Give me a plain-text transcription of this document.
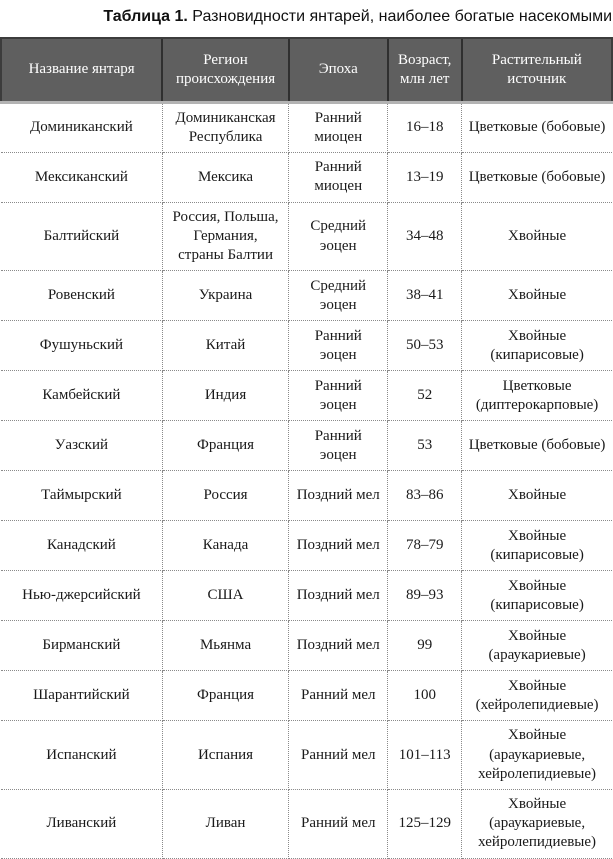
Таблица 1. Разновидности янтарей, наиболее богатые насекомыми
Название янтаря	Регион происхождения	Эпоха	Возраст, млн лет	Растительный источник
Доминиканский	Доминиканская Республика	Ранний миоцен	16–18	Цветковые (бобовые)
Мексиканский	Мексика	Ранний миоцен	13–19	Цветковые (бобовые)
Балтийский	Россия, Польша, Германия, страны Балтии	Средний эоцен	34–48	Хвойные
Ровенский	Украина	Средний эоцен	38–41	Хвойные
Фушуньский	Китай	Ранний эоцен	50–53	Хвойные (кипарисовые)
Камбейский	Индия	Ранний эоцен	52	Цветковые (диптерокарповые)
Уазский	Франция	Ранний эоцен	53	Цветковые (бобовые)
Таймырский	Россия	Поздний мел	83–86	Хвойные
Канадский	Канада	Поздний мел	78–79	Хвойные (кипарисовые)
Нью-джерсийский	США	Поздний мел	89–93	Хвойные (кипарисовые)
Бирманский	Мьянма	Поздний мел	99	Хвойные (араукариевые)
Шарантийский	Франция	Ранний мел	100	Хвойные (хейролепидиевые)
Испанский	Испания	Ранний мел	101–113	Хвойные (араукариевые, хейролепидиевые)
Ливанский	Ливан	Ранний мел	125–129	Хвойные (араукариевые, хейролепидиевые)
